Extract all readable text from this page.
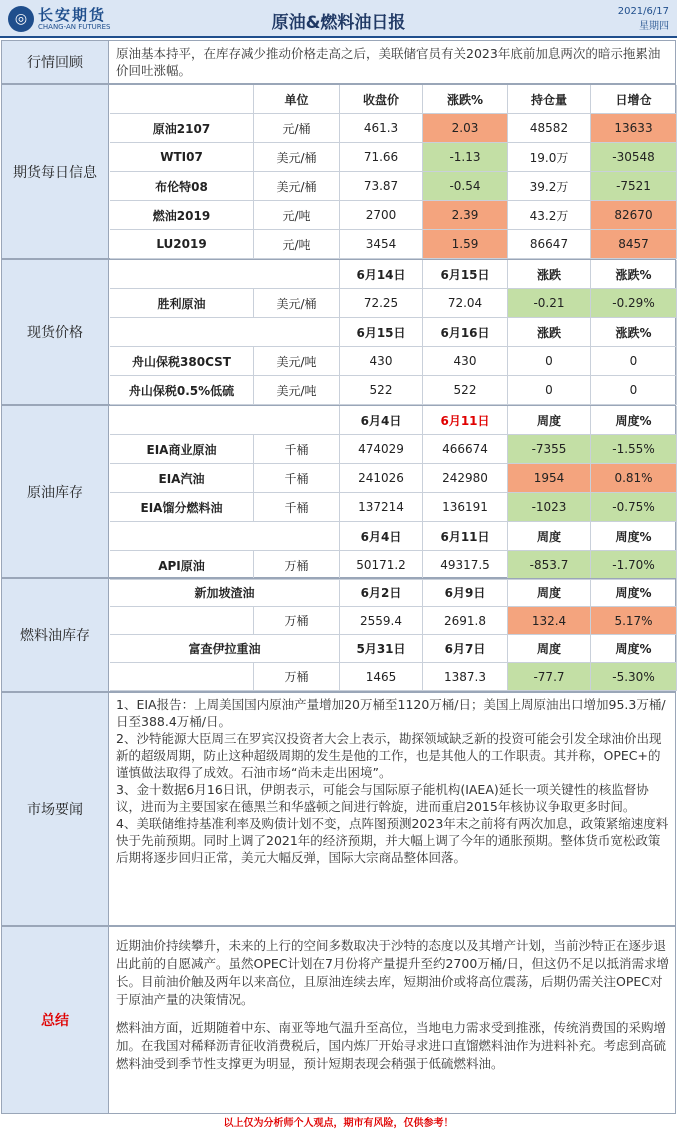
◎ 长安期货
CHANG-AN FUTURES	原油&燃料油日报
2021/6/17
星期四
行情回顾
原油基本持平，在库存减少推动价格走高之后，美联储官员有关2023年底前加息两次的暗示拖累油价回吐涨幅。
期货每日信息
单位	收盘价	涨跌%	持仓量	日增仓
原油2107	元/桶	461.3	2.03	48582	13633
WTI07	美元/桶	71.66	-1.13	19.0万	-30548
布伦特08	美元/桶	73.87	-0.54	39.2万	-7521
燃油2019	元/吨	2700	2.39	43.2万	82670
LU2019	元/吨	3454	1.59	86647	8457
现货价格
6月14日	6月15日	涨跌	涨跌%
胜利原油	美元/桶	72.25	72.04	-0.21	-0.29%
6月15日	6月16日	涨跌	涨跌%
舟山保税380CST	美元/吨	430	430	0	0
舟山保税0.5%低硫	美元/吨	522	522	0	0
原油库存
6月4日	6月11日	周度	周度%
EIA商业原油	千桶	474029	466674	-7355	-1.55%
EIA汽油	千桶	241026	242980	1954	0.81%
EIA馏分燃料油	千桶	137214	136191	-1023	-0.75%
6月4日	6月11日	周度	周度%
API原油	万桶	50171.2	49317.5	-853.7	-1.70%
燃料油库存
新加坡渣油	6月2日	6月9日	周度	周度%
万桶	2559.4	2691.8	132.4	5.17%
富查伊拉重油	5月31日	6月7日	周度	周度%
万桶	1465	1387.3	-77.7	-5.30%
市场要闻
1、EIA报告：上周美国国内原油产量增加20万桶至1120万桶/日；美国上周原油出口增加95.3万桶/日至388.4万桶/日。
2、沙特能源大臣周三在罗宾汉投资者大会上表示，勘探领域缺乏新的投资可能会引发全球油价出现新的超级周期，防止这种超级周期的发生是他的工作，也是其他人的工作职责。其并称，OPEC+的谨慎做法取得了成效。石油市场“尚未走出困境”。
3、金十数据6月16日讯，伊朗表示，可能会与国际原子能机构(IAEA)延长一项关键性的核监督协议，进而为主要国家在德黑兰和华盛顿之间进行斡旋，进而重启2015年核协议争取更多时间。
4、美联储维持基准利率及购债计划不变，点阵图预测2023年末之前将有两次加息，政策紧缩速度料快于先前预期。同时上调了2021年的经济预期，并大幅上调了今年的通胀预期。整体货币宽松政策后期将逐步回归正常，美元大幅反弹，国际大宗商品整体回落。
总结
近期油价持续攀升，未来的上行的空间多数取决于沙特的态度以及其增产计划，当前沙特正在逐步退出此前的自愿减产。虽然OPEC计划在7月份将产量提升至约2700万桶/日，但这仍不足以抵消需求增长。目前油价触及两年以来高位，且原油连续去库，短期油价或将高位震荡，后期仍需关注OPEC对于原油产量的决策情况。
燃料油方面，近期随着中东、南亚等地气温升至高位，当地电力需求受到推涨，传统消费国的采购增加。在我国对稀释沥青征收消费税后，国内炼厂开始寻求进口直馏燃料油作为进料补充。考虑到高硫燃料油受到季节性支撑更为明显，预计短期表现会稍强于低硫燃料油。
以上仅为分析师个人观点，期市有风险，仅供参考！
